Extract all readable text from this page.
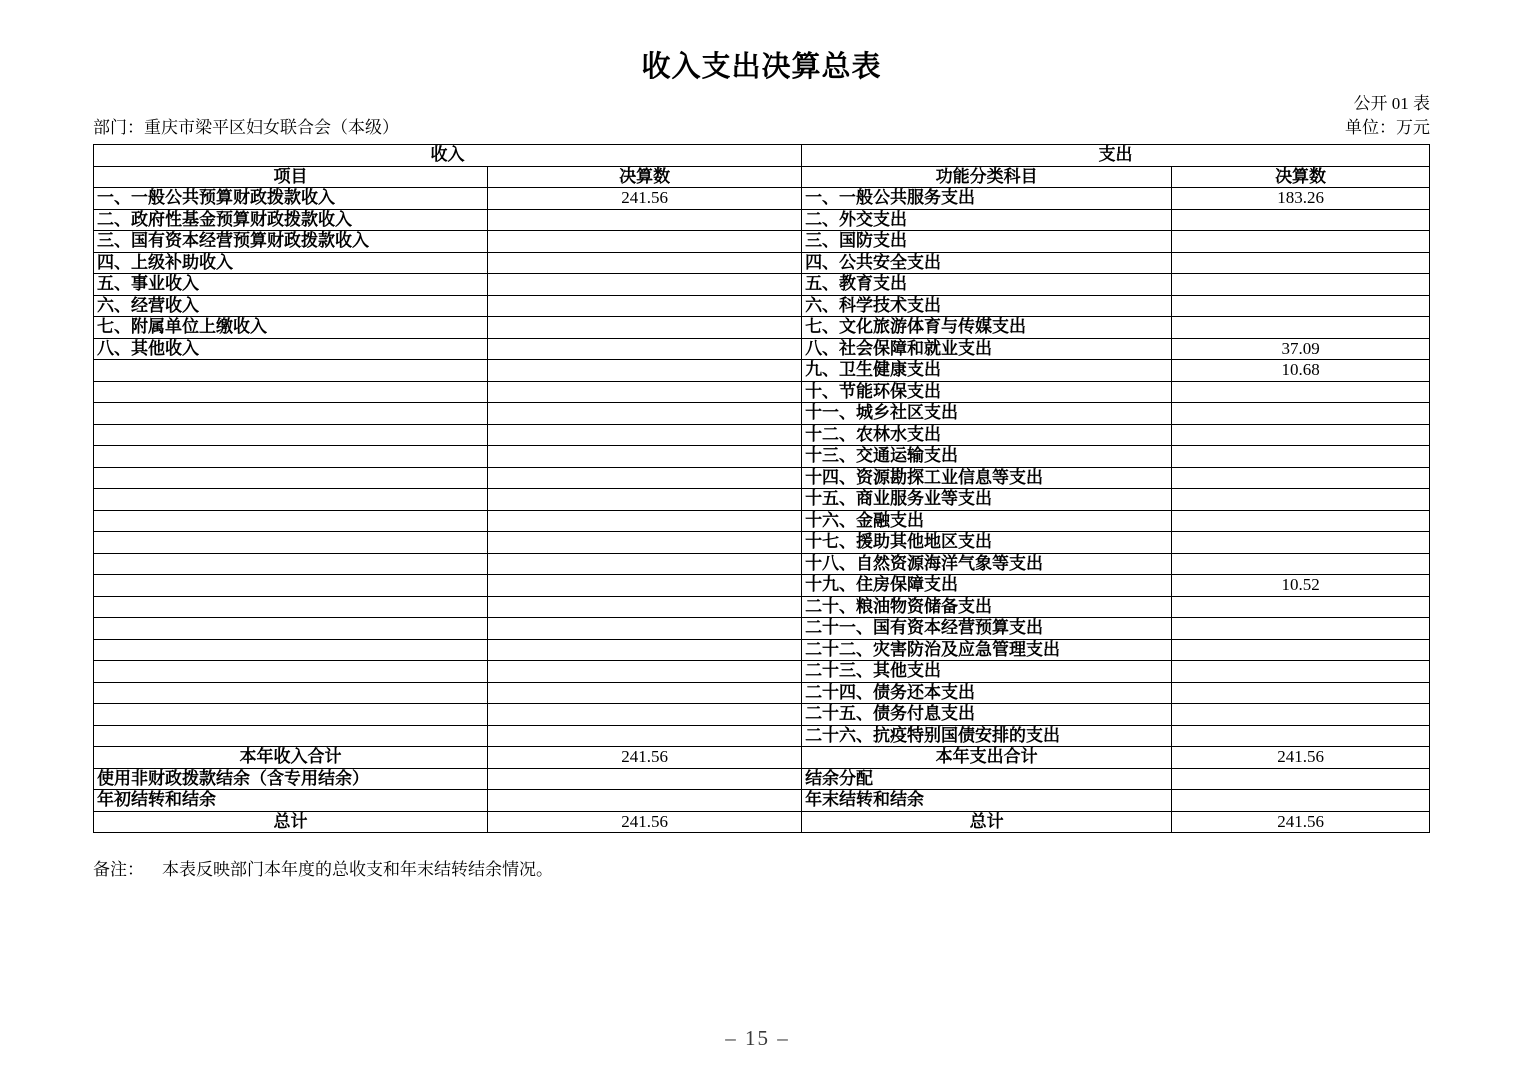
收入支出决算总表
公开 01 表
部门：重庆市梁平区妇女联合会（本级）	单位：万元
收入		支出	
项目	决算数	功能分类科目	决算数
一、一般公共预算财政拨款收入	241.56	一、一般公共服务支出	183.26
二、政府性基金预算财政拨款收入		二、外交支出	
三、国有资本经营预算财政拨款收入		三、国防支出	
四、上级补助收入		四、公共安全支出	
五、事业收入		五、教育支出	
六、经营收入		六、科学技术支出	
七、附属单位上缴收入		七、文化旅游体育与传媒支出	
八、其他收入		八、社会保障和就业支出	37.09
		九、卫生健康支出	10.68
		十、节能环保支出	
		十一、城乡社区支出	
		十二、农林水支出	
		十三、交通运输支出	
		十四、资源勘探工业信息等支出	
		十五、商业服务业等支出	
		十六、金融支出	
		十七、援助其他地区支出	
		十八、自然资源海洋气象等支出	
		十九、住房保障支出	10.52
		二十、粮油物资储备支出	
		二十一、国有资本经营预算支出	
		二十二、灾害防治及应急管理支出	
		二十三、其他支出	
		二十四、债务还本支出	
		二十五、债务付息支出	
		二十六、抗疫特别国债安排的支出	
本年收入合计	241.56	本年支出合计	241.56
使用非财政拨款结余（含专用结余）		结余分配	
年初结转和结余		年末结转和结余	
总计	241.56	总计	241.56
备注： 本表反映部门本年度的总收支和年末结转结余情况。
– 15 –
